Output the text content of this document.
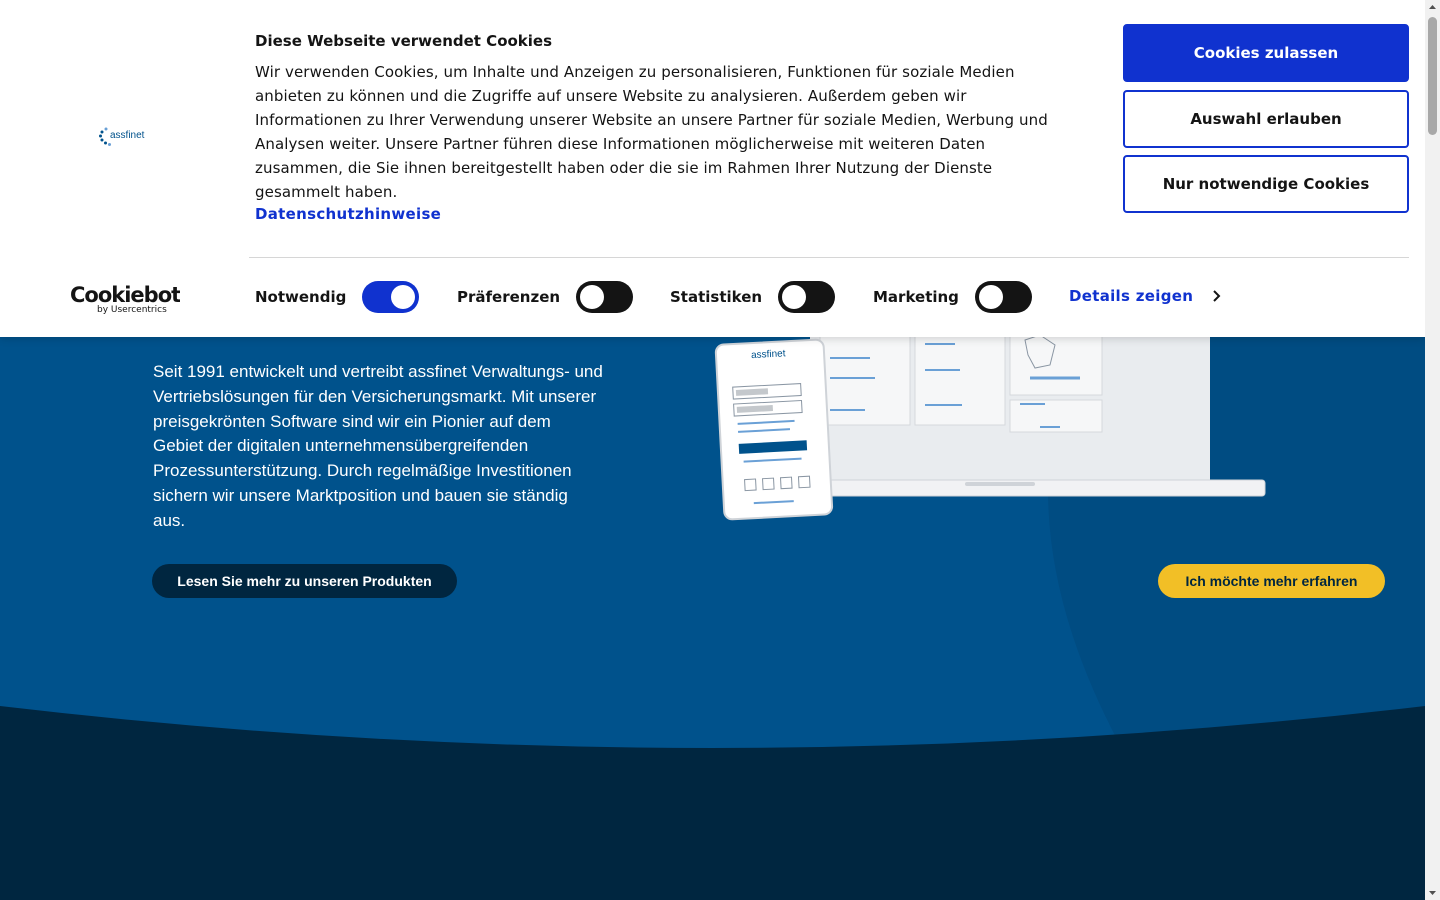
assfinet

Seit 1991 entwickelt und vertreibt assfinet Verwaltungs- und Vertriebslösungen für den Versicherungsmarkt. Mit unserer preisgekrönten Software sind wir ein Pionier auf dem Gebiet der digitalen unternehmensübergreifenden Prozessunterstützung. Durch regelmäßige Investitionen sichern wir unsere Marktposition und bauen sie ständig aus.

Lesen Sie mehr zu unseren Produkten	Ich möchte mehr erfahren
assfinet
Diese Webseite verwendet Cookies

Wir verwenden Cookies, um Inhalte und Anzeigen zu personalisieren, Funktionen für soziale Medien anbieten zu können und die Zugriffe auf unsere Website zu analysieren. Außerdem geben wir Informationen zu Ihrer Verwendung unserer Website an unsere Partner für soziale Medien, Werbung und Analysen weiter. Unsere Partner führen diese Informationen möglicherweise mit weiteren Daten zusammen, die Sie ihnen bereitgestellt haben oder die sie im Rahmen Ihrer Nutzung der Dienste gesammelt haben.

Datenschutzhinweise
Cookies zulassen
Auswahl erlauben
Nur notwendige Cookies
Cookiebot
by Usercentrics
Notwendig	Präferenzen	Statistiken	Marketing	Details zeigen
